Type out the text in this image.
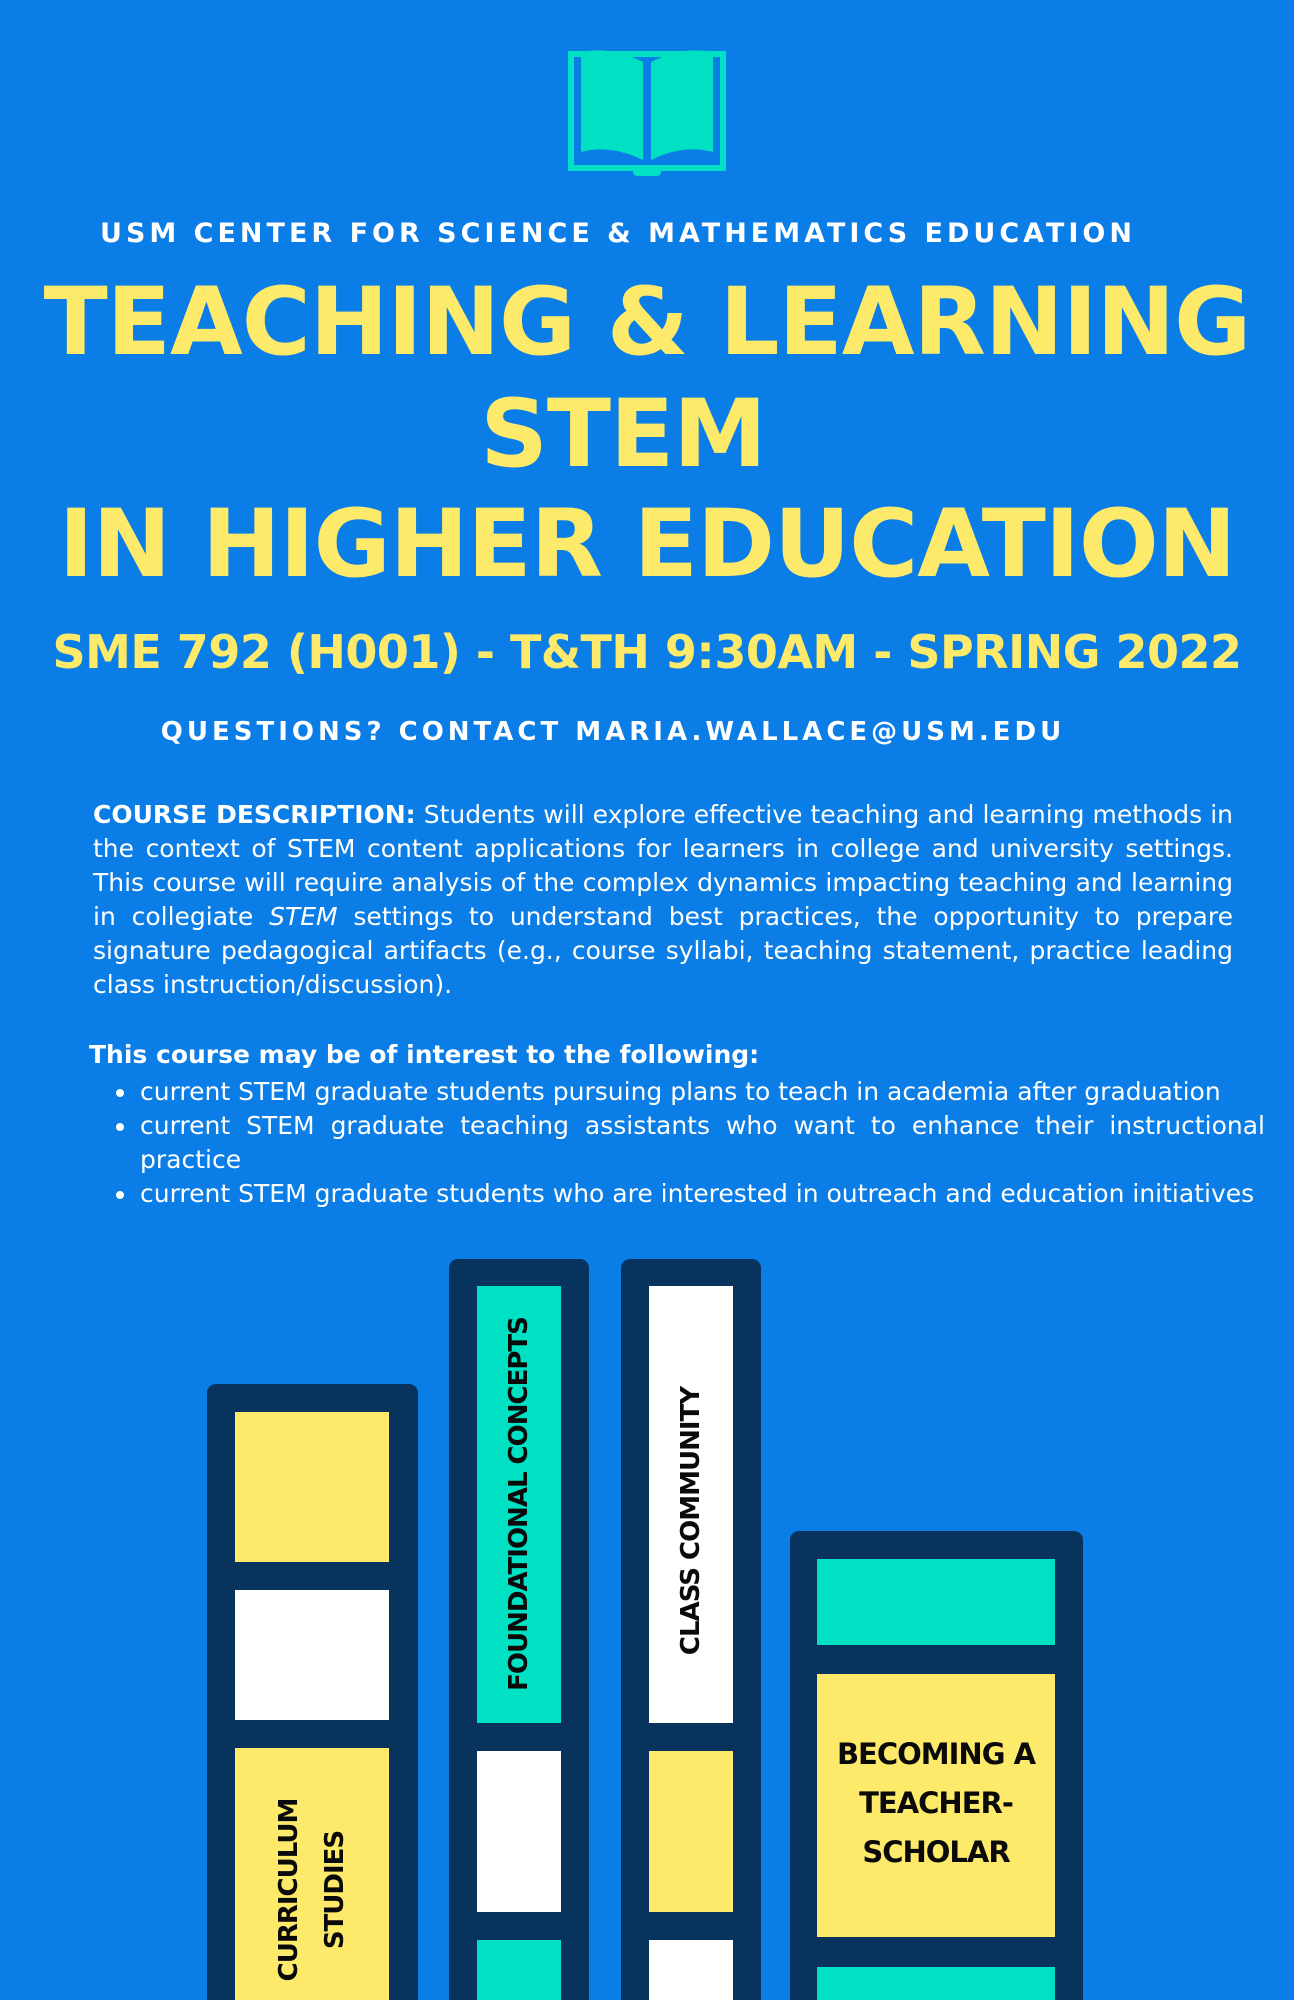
USM CENTER FOR SCIENCE & MATHEMATICS EDUCATION
TEACHING & LEARNING
STEM
IN HIGHER EDUCATION
SME 792 (H001) - T&TH 9:30AM - SPRING 2022
QUESTIONS? CONTACT MARIA.WALLACE@USM.EDU
COURSE DESCRIPTION: Students will explore effective teaching and learning methods in the context of STEM content applications for learners in college and university settings. This course will require analysis of the complex dynamics impacting teaching and learning in collegiate STEM settings to understand best practices, the opportunity to prepare signature pedagogical artifacts (e.g., course syllabi, teaching statement, practice leading class instruction/discussion).
This course may be of interest to the following:
• current STEM graduate students pursuing plans to teach in academia after graduation
• current STEM graduate teaching assistants who want to enhance their instructional practice
• current STEM graduate students who are interested in outreach and education initiatives
CURRICULUM STUDIES
FOUNDATIONAL CONCEPTS	CLASS COMMUNITY
BECOMING A
TEACHER-
SCHOLAR
